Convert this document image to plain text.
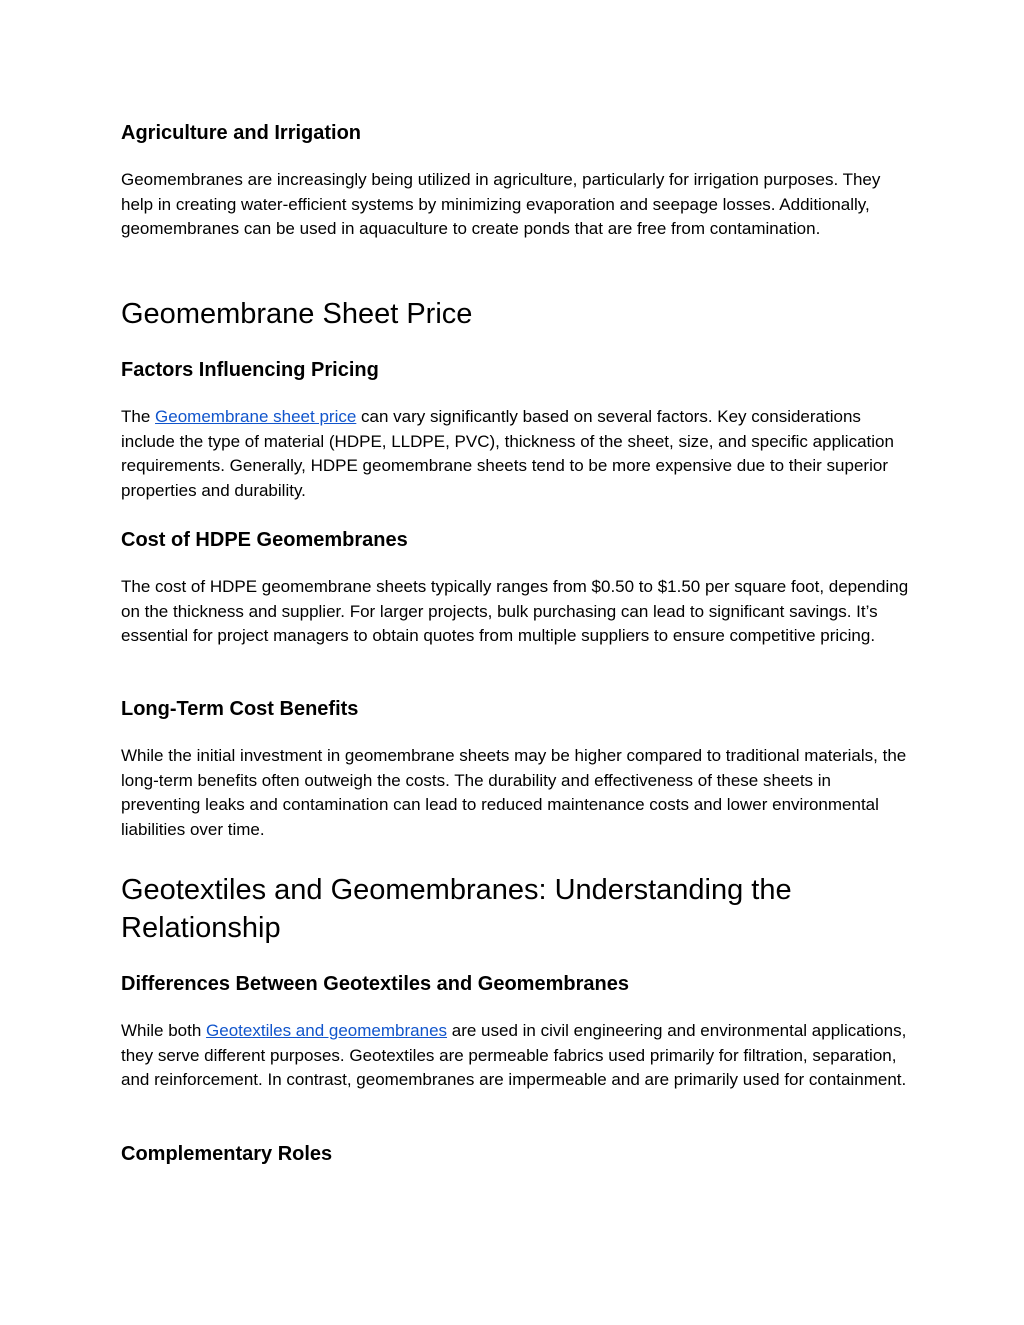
Agriculture and Irrigation

Geomembranes are increasingly being utilized in agriculture, particularly for irrigation purposes. They help in creating water-efficient systems by minimizing evaporation and seepage losses. Additionally, geomembranes can be used in aquaculture to create ponds that are free from contamination.

Geomembrane Sheet Price
Factors Influencing Pricing

The Geomembrane sheet price can vary significantly based on several factors. Key considerations include the type of material (HDPE, LLDPE, PVC), thickness of the sheet, size, and specific application requirements. Generally, HDPE geomembrane sheets tend to be more expensive due to their superior properties and durability.

Cost of HDPE Geomembranes

The cost of HDPE geomembrane sheets typically ranges from $0.50 to $1.50 per square foot, depending on the thickness and supplier. For larger projects, bulk purchasing can lead to significant savings. It’s essential for project managers to obtain quotes from multiple suppliers to ensure competitive pricing.

Long-Term Cost Benefits

While the initial investment in geomembrane sheets may be higher compared to traditional materials, the long-term benefits often outweigh the costs. The durability and effectiveness of these sheets in preventing leaks and contamination can lead to reduced maintenance costs and lower environmental liabilities over time.

Geotextiles and Geomembranes: Understanding the Relationship
Differences Between Geotextiles and Geomembranes

While both Geotextiles and geomembranes are used in civil engineering and environmental applications, they serve different purposes. Geotextiles are permeable fabrics used primarily for filtration, separation, and reinforcement. In contrast, geomembranes are impermeable and are primarily used for containment.

Complementary Roles
